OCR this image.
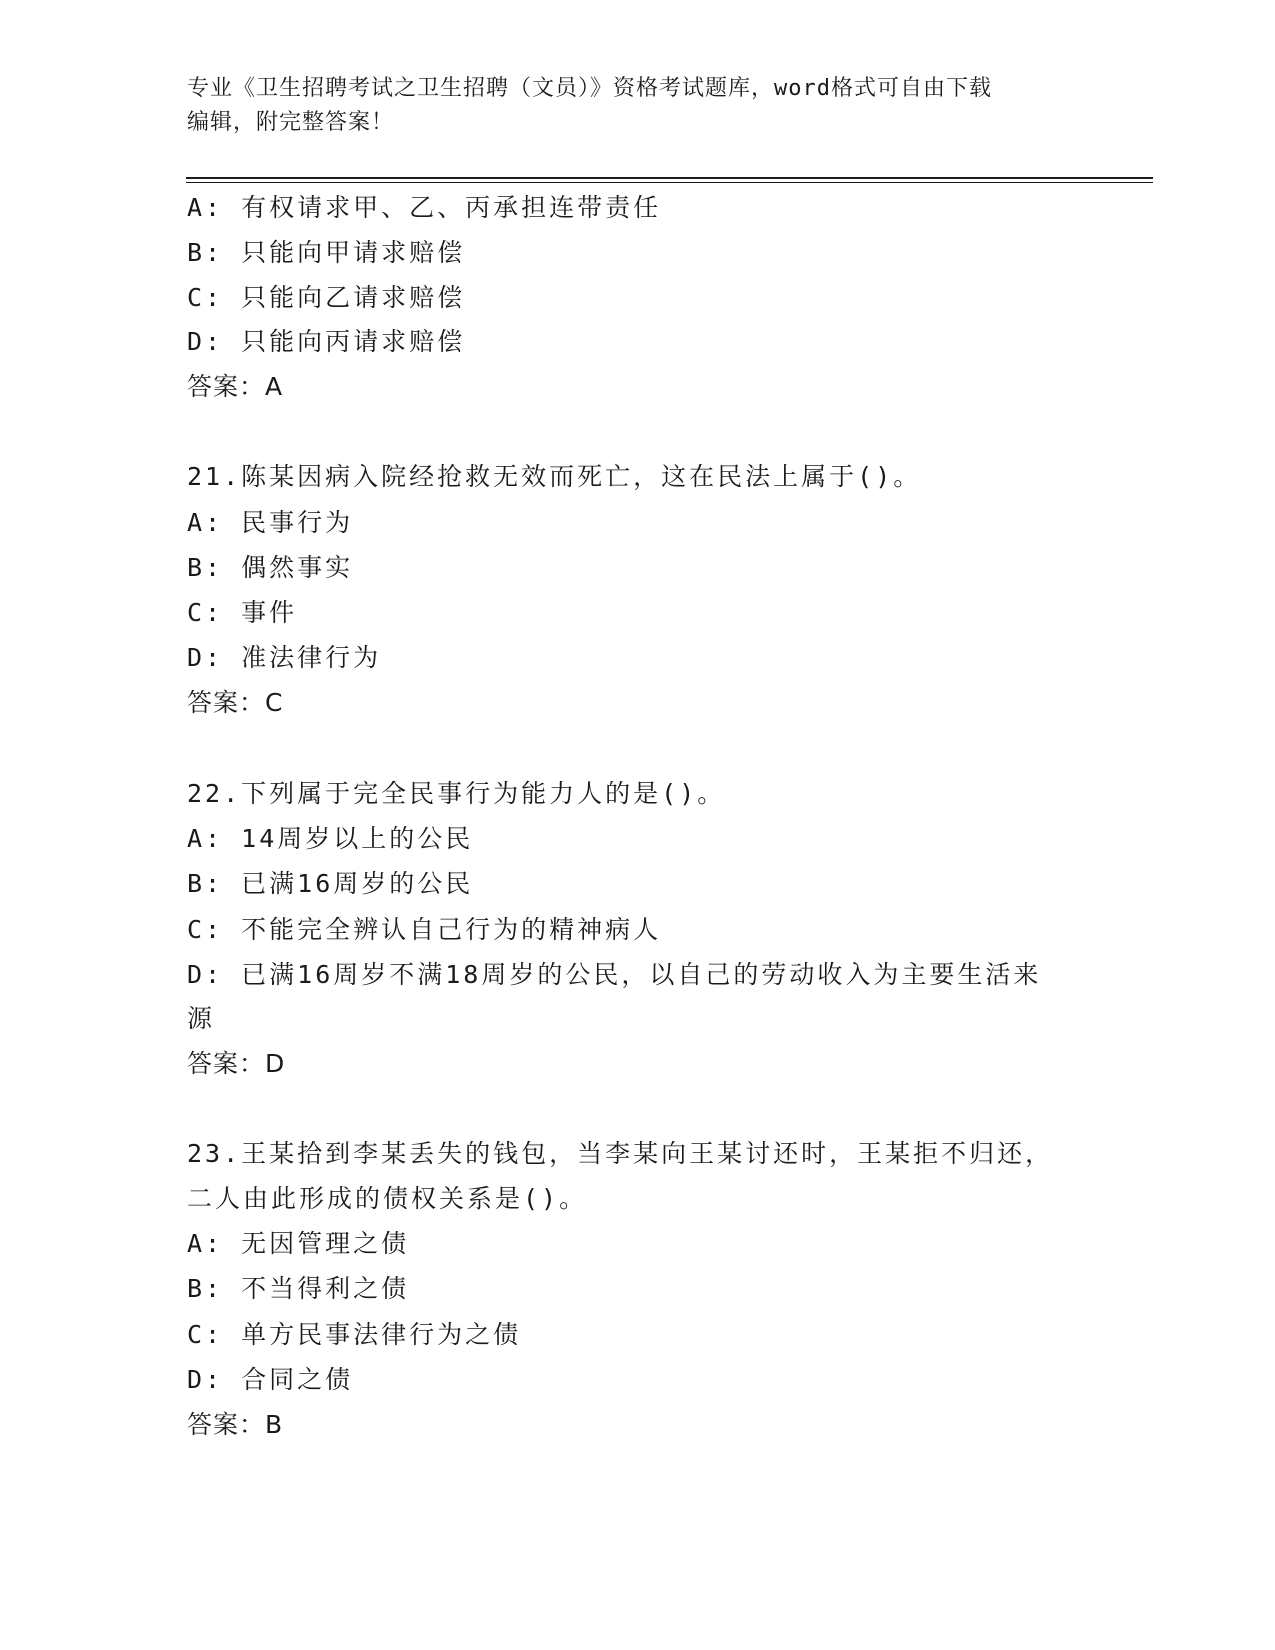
专业《卫生招聘考试之卫生招聘（文员）》资格考试题库，word格式可自由下载
编辑，附完整答案！
A: 有权请求甲、乙、丙承担连带责任
B: 只能向甲请求赔偿
C: 只能向乙请求赔偿
D: 只能向丙请求赔偿
答案：A
21.陈某因病入院经抢救无效而死亡，这在民法上属于()。
A: 民事行为
B: 偶然事实
C: 事件
D: 准法律行为
答案：C
22.下列属于完全民事行为能力人的是()。
A: 14周岁以上的公民
B: 已满16周岁的公民
C: 不能完全辨认自己行为的精神病人
D: 已满16周岁不满18周岁的公民，以自己的劳动收入为主要生活来
源
答案：D
23.王某拾到李某丢失的钱包，当李某向王某讨还时，王某拒不归还，
二人由此形成的债权关系是()。
A: 无因管理之债
B: 不当得利之债
C: 单方民事法律行为之债
D: 合同之债
答案：B
